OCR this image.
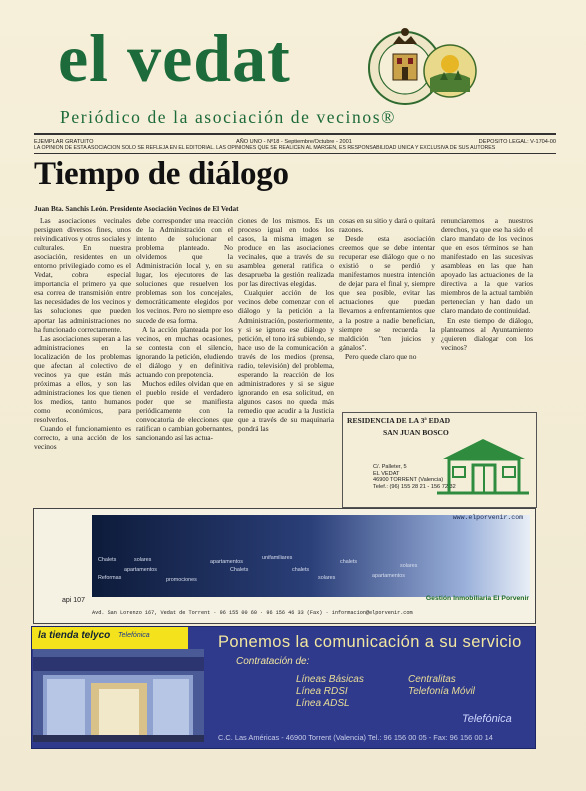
el vedat
Periódico de la asociación de vecinos®
EJEMPLAR GRATUITO	AÑO UNO - Nº18 - Septiembre/Octubre - 2001	DEPOSITO LEGAL: V-1704-00
LA OPINION DE ESTA ASOCIACION SOLO SE REFLEJA EN EL EDITORIAL. LAS OPINIONES QUE SE REALICEN AL MARGEN, ES RESPONSABILIDAD UNICA Y EXCLUSIVA DE SUS AUTORES
Tiempo de diálogo
Juan Bta. Sanchis León. Presidente Asociación Vecinos de El Vedat

Las asociaciones vecinales persiguen diversos fines, unos reivindicativos y otros sociales y culturales. En nuestra asociación, residentes en un entorno privilegiado como es el Vedat, cobra especial importancia el primero ya que esa correa de transmisión entre las necesidades de los vecinos y las soluciones que pueden aportar las administraciones no ha funcionado correctamente.

Las asociaciones superan a las administraciones en la localización de los problemas que afectan al colectivo de vecinos ya que están más próximas a ellos, y son las administraciones los que tienen los medios, tanto humanos como económicos, para resolverlos.

Cuando el funcionamiento es correcto, a una acción de los vecinos

debe corresponder una reacción de la Administración con el intento de solucionar el problema planteado. No olvidemos que la Administración local y, en su lugar, los ejecutores de las soluciones que resuelven los problemas son los concejales, democráticamente elegidos por los vecinos. Pero no siempre eso sucede de esa forma.

A la acción planteada por los vecinos, en muchas ocasiones, se contesta con el silencio, ignorando la petición, eludiendo el diálogo y en definitiva actuando con prepotencia.

Muchos ediles olvidan que en el pueblo reside el verdadero poder que se manifiesta periódicamente con la convocatoria de elecciones que ratifican o cambian gobernantes, sancionando así las actua-

ciones de los mismos. Es un proceso igual en todos los casos, la misma imagen se produce en las asociaciones vecinales, que a través de su asamblea general ratifica o desaprueba la gestión realizada por las directivas elegidas.

Cualquier acción de los vecinos debe comenzar con el diálogo y la petición a la Administración, posteriormente, y si se ignora ese diálogo y petición, el tono irá subiendo, se hace uso de la comunicación a través de los medios (prensa, radio, televisión) del problema, esperando la reacción de los administradores y si se sigue ignorando en esa solicitud, en algunos casos no queda más remedio que acudir a la Justicia que a través de su maquinaria pondrá las

cosas en su sitio y dará o quitará razones.

Desde esta asociación creemos que se debe intentar recuperar ese diálogo que o no existió o se perdió y manifestamos nuestra intención de dejar para el final y, siempre que sea posible, evitar las actuaciones que puedan llevarnos a enfrentamientos que a la postre a nadie benefician, siempre se recuerda la maldición "ten juicios y gánalos".

Pero quede claro que no

renunciaremos a nuestros derechos, ya que ese ha sido el claro mandato de los vecinos que en esos términos se han manifestado en las sucesivas asambleas en las que han apoyado las actuaciones de la directiva a la que varios miembros de la actual también pertenecían y han dado un claro mandato de continuidad.

En este tiempo de diálogo, planteamos al Ayuntamiento ¿quieren dialogar con los vecinos?

RESIDENCIA DE LA 3ª EDAD
SAN JUAN BOSCO
C/. Palleter, 5
EL VEDAT
46900 TORRENT (Valencia)
Telef.: (96) 155 28 21 - 156 72 32
Chalets	solares	apartamentos
unifamiliares
chalets
solares
apartamentos	Chalets
Reformas	promociones	solares	apartamentos
chalets
www.elporvenir.com
api 107	Gestión Inmobiliaria El Porvenir
Avd. San Lorenzo 167, Vedat de Torrent · 96 155 00 60 · 96 156 46 33 (Fax) · informacion@elporvenir.com
la tienda telyco Telefónica	Ponemos la comunicación a su servicio
Contratación de:
Líneas Básicas
Línea RDSI
Línea ADSL
Centralitas
Telefonía Móvil
Telefónica
C.C. Las Américas - 46900 Torrent (Valencia) Tel.: 96 156 00 05 - Fax: 96 156 00 14
